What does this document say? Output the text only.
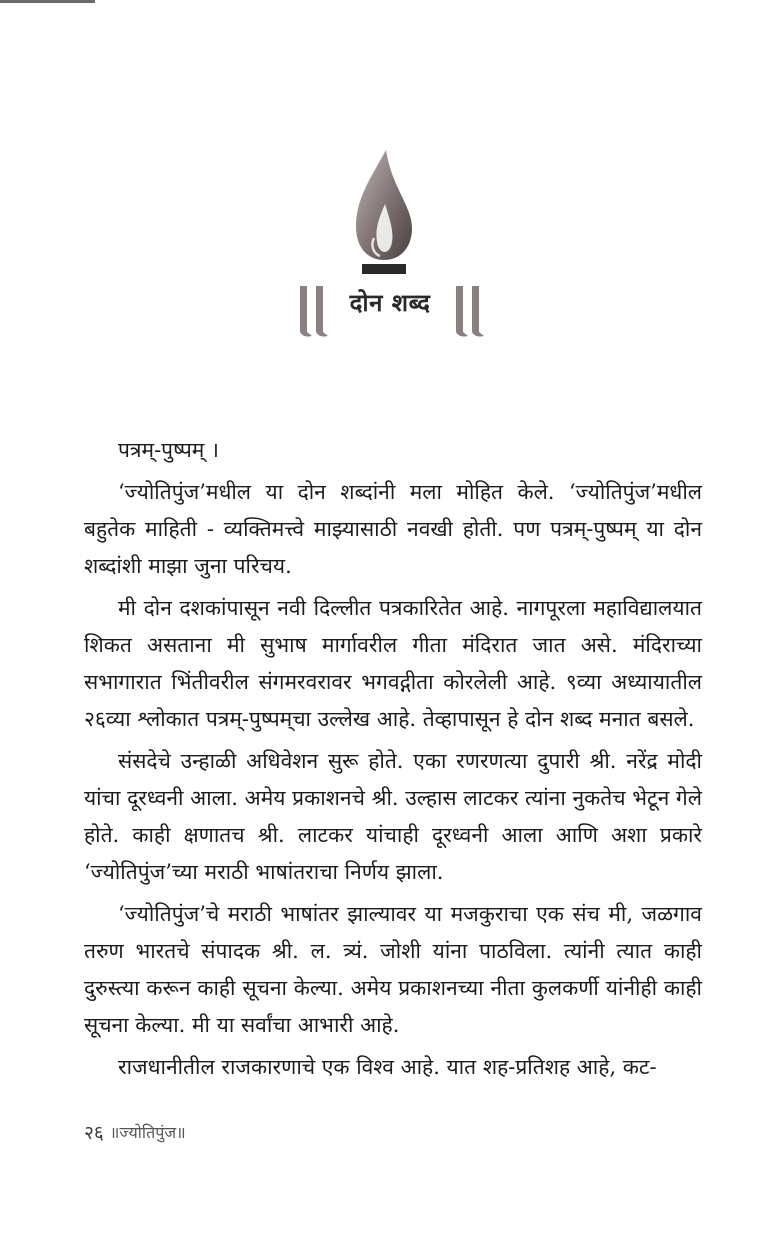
दोन शब्द

पत्रम्-पुष्पम् ।

‘ज्योतिपुंज’मधील या दोन शब्दांनी मला मोहित केले. ‘ज्योतिपुंज’मधील बहुतेक माहिती - व्यक्तिमत्त्वे माझ्यासाठी नवखी होती. पण पत्रम्-पुष्पम् या दोन शब्दांशी माझा जुना परिचय.

मी दोन दशकांपासून नवी दिल्लीत पत्रकारितेत आहे. नागपूरला महाविद्यालयात शिकत असताना मी सुभाष मार्गावरील गीता मंदिरात जात असे. मंदिराच्या सभागारात भिंतीवरील संगमरवरावर भगवद्गीता कोरलेली आहे. ९व्या अध्यायातील २६व्या श्लोकात पत्रम्-पुष्पम्‌चा उल्लेख आहे. तेव्हापासून हे दोन शब्द मनात बसले.

संसदेचे उन्हाळी अधिवेशन सुरू होते. एका रणरणत्या दुपारी श्री. नरेंद्र मोदी यांचा दूरध्वनी आला. अमेय प्रकाशनचे श्री. उल्हास लाटकर त्यांना नुकतेच भेटून गेले होते. काही क्षणातच श्री. लाटकर यांचाही दूरध्वनी आला आणि अशा प्रकारे ‘ज्योतिपुंज’च्या मराठी भाषांतराचा निर्णय झाला.

‘ज्योतिपुंज’चे मराठी भाषांतर झाल्यावर या मजकुराचा एक संच मी, जळगाव तरुण भारतचे संपादक श्री. ल. त्र्यं. जोशी यांना पाठविला. त्यांनी त्यात काही दुरुस्त्या करून काही सूचना केल्या. अमेय प्रकाशनच्या नीता कुलकर्णी यांनीही काही सूचना केल्या. मी या सर्वांचा आभारी आहे.

राजधानीतील राजकारणाचे एक विश्व आहे. यात शह-प्रतिशह आहे, कट-

२६ ॥ज्योतिपुंज॥
